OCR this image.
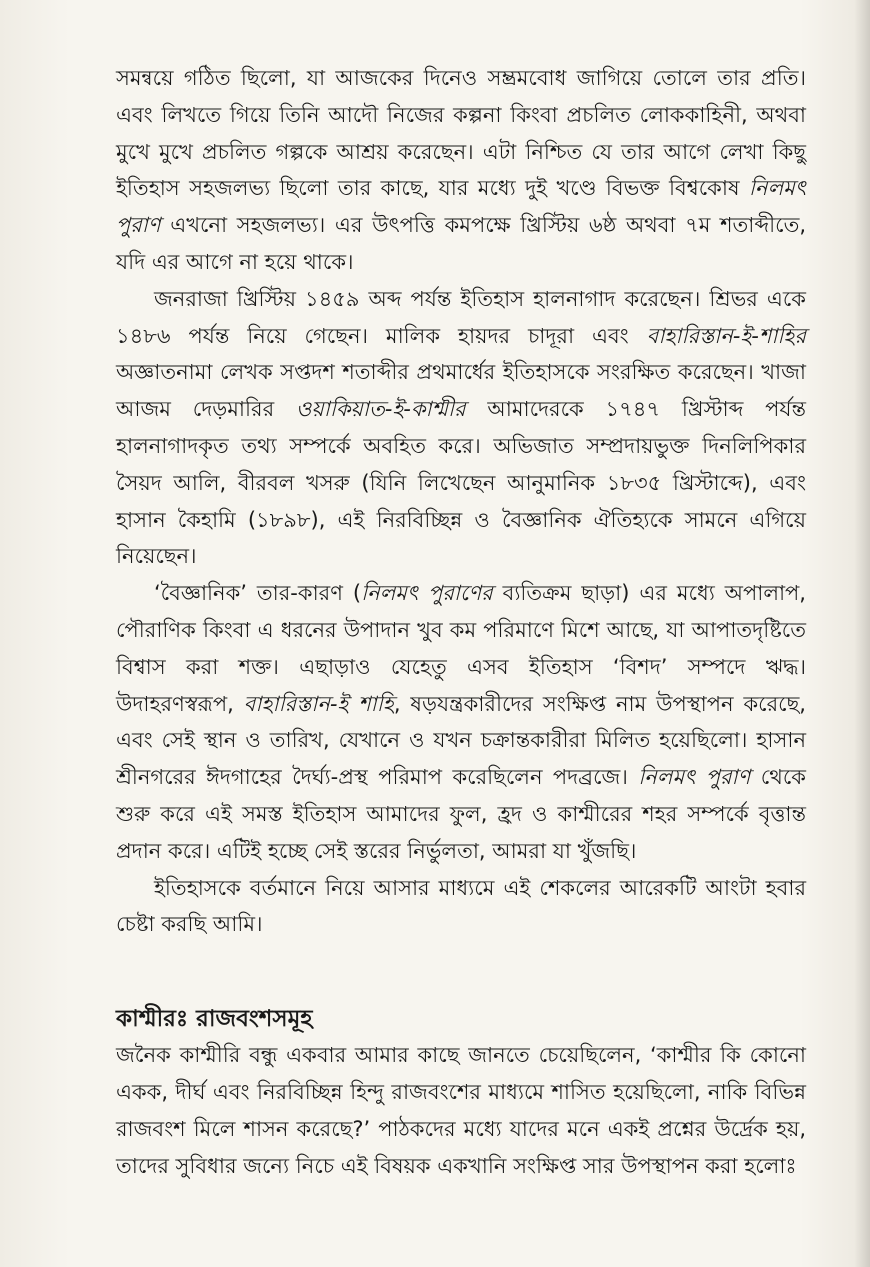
সমন্বয়ে গঠিত ছিলো, যা আজকের দিনেও সম্ভ্রমবোধ জাগিয়ে তোলে তার প্রতি। এবং লিখতে গিয়ে তিনি আদৌ নিজের কল্পনা কিংবা প্রচলিত লোককাহিনী, অথবা মুখে মুখে প্রচলিত গল্পকে আশ্রয় করেছেন। এটা নিশ্চিত যে তার আগে লেখা কিছু ইতিহাস সহজলভ্য ছিলো তার কাছে, যার মধ্যে দুই খণ্ডে বিভক্ত বিশ্বকোষ নিলমৎ পুরাণ এখনো সহজলভ্য। এর উৎপত্তি কমপক্ষে খ্রিস্টিয় ৬ষ্ঠ অথবা ৭ম শতাব্দীতে, যদি এর আগে না হয়ে থাকে।

জনরাজা খ্রিস্টিয় ১৪৫৯ অব্দ পর্যন্ত ইতিহাস হালনাগাদ করেছেন। শ্রিভর একে ১৪৮৬ পর্যন্ত নিয়ে গেছেন। মালিক হায়দর চাদূরা এবং বাহারিস্তান-ই-শাহির অজ্ঞাতনামা লেখক সপ্তদশ শতাব্দীর প্রথমার্ধের ইতিহাসকে সংরক্ষিত করেছেন। খাজা আজম দেড়মারির ওয়াকিয়াত-ই-কাশ্মীর আমাদেরকে ১৭৪৭ খ্রিস্টাব্দ পর্যন্ত হালনাগাদকৃত তথ্য সম্পর্কে অবহিত করে। অভিজাত সম্প্রদায়ভুক্ত দিনলিপিকার সৈয়দ আলি, বীরবল খসরু (যিনি লিখেছেন আনুমানিক ১৮৩৫ খ্রিস্টাব্দে), এবং হাসান কৈহামি (১৮৯৮), এই নিরবিচ্ছিন্ন ও বৈজ্ঞানিক ঐতিহ্যকে সামনে এগিয়ে নিয়েছেন।

‘বৈজ্ঞানিক’ তার-কারণ (নিলমৎ পুরাণের ব্যতিক্রম ছাড়া) এর মধ্যে অপালাপ, পৌরাণিক কিংবা এ ধরনের উপাদান খুব কম পরিমাণে মিশে আছে, যা আপাতদৃষ্টিতে বিশ্বাস করা শক্ত। এছাড়াও যেহেতু এসব ইতিহাস ‘বিশদ’ সম্পদে ঋদ্ধ। উদাহরণস্বরূপ, বাহারিস্তান-ই শাহি, ষড়যন্ত্রকারীদের সংক্ষিপ্ত নাম উপস্থাপন করেছে, এবং সেই স্থান ও তারিখ, যেখানে ও যখন চক্রান্তকারীরা মিলিত হয়েছিলো। হাসান শ্রীনগরের ঈদগাহের দৈর্ঘ্য-প্রস্থ পরিমাপ করেছিলেন পদব্রজে। নিলমৎ পুরাণ থেকে শুরু করে এই সমস্ত ইতিহাস আমাদের ফুল, হ্রদ ও কাশ্মীরের শহর সম্পর্কে বৃত্তান্ত প্রদান করে। এটিই হচ্ছে সেই স্তরের নির্ভুলতা, আমরা যা খুঁজছি।

ইতিহাসকে বর্তমানে নিয়ে আসার মাধ্যমে এই শেকলের আরেকটি আংটা হবার চেষ্টা করছি আমি।

কাশ্মীরঃ রাজবংশসমূহ

জনৈক কাশ্মীরি বন্ধু একবার আমার কাছে জানতে চেয়েছিলেন, ‘কাশ্মীর কি কোনো একক, দীর্ঘ এবং নিরবিচ্ছিন্ন হিন্দু রাজবংশের মাধ্যমে শাসিত হয়েছিলো, নাকি বিভিন্ন রাজবংশ মিলে শাসন করেছে?’ পাঠকদের মধ্যে যাদের মনে একই প্রশ্নের উর্দ্রেক হয়, তাদের সুবিধার জন্যে নিচে এই বিষয়ক একখানি সংক্ষিপ্ত সার উপস্থাপন করা হলোঃ
